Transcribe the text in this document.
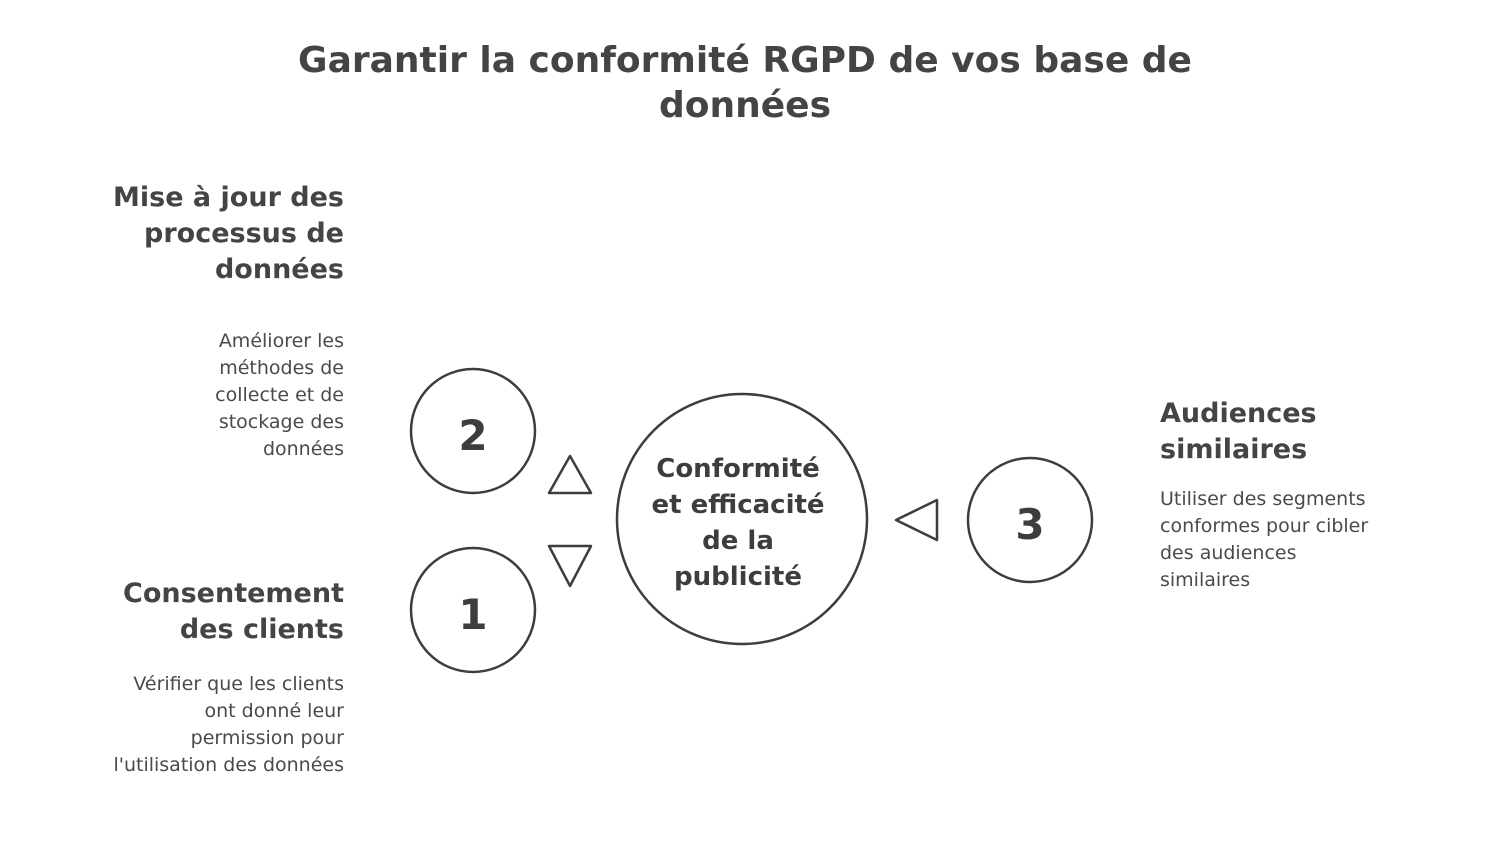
Garantir la conformité RGPD de vos base de données
Mise à jour des processus de données

Améliorer les méthodes de collecte et de stockage des données

Consentement des clients

Vérifier que les clients ont donné leur permission pour l'utilisation des données

Audiences similaires

Utiliser des segments conformes pour cibler des audiences similaires

Conformité
et efficacité
de la
publicité
2
1
3
